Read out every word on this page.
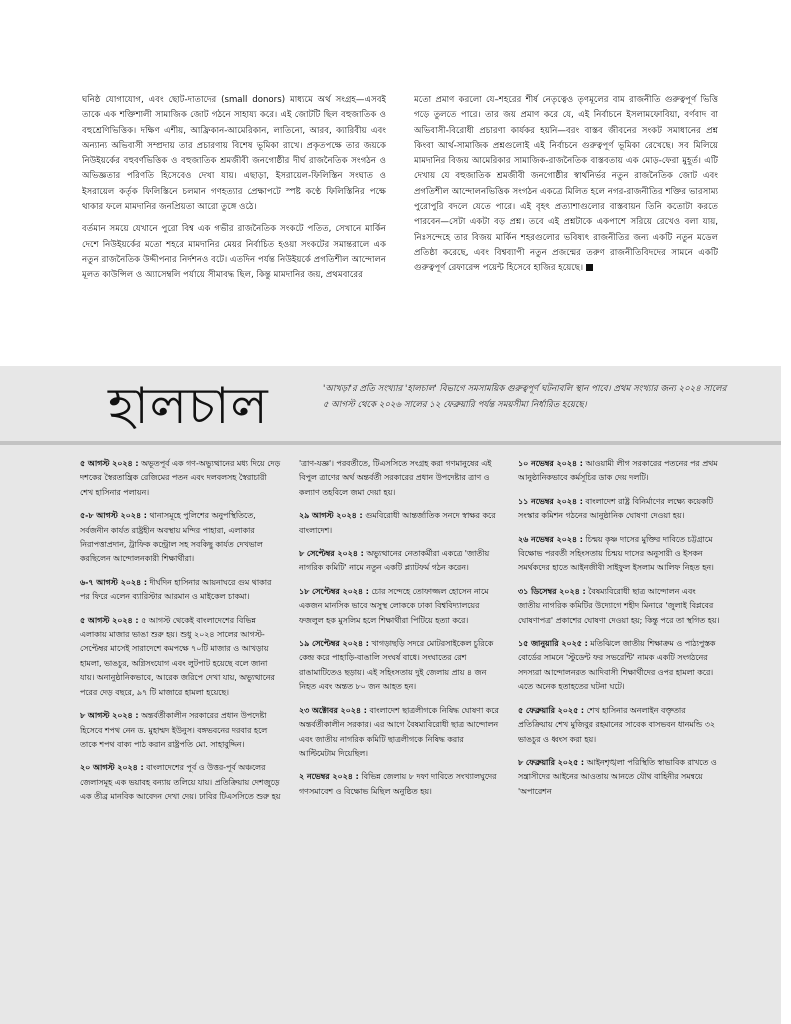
ঘনিষ্ঠ যোগাযোগ, এবং ছোট-দাতাদের (small donors) মাধ্যমে অর্থ সংগ্রহ—এসবই তাকে এক শক্তিশালী সামাজিক জোট গঠনে সাহায্য করে। এই জোটটি ছিল বহুজাতিক ও বহুশ্রেণিভিত্তিক। দক্ষিণ এশীয়, আফ্রিকান-আমেরিকান, লাতিনো, আরব, ক্যারিবীয় এবং অন্যান্য অভিবাসী সম্প্রদায় তার প্রচারণায় বিশেষ ভূমিকা রাখে। প্রকৃতপক্ষে তার জয়কে নিউইয়র্কের বহুবর্ণভিত্তিক ও বহুজাতিক শ্রমজীবী জনগোষ্ঠীর দীর্ঘ রাজনৈতিক সংগঠন ও অভিজ্ঞতার পরিণতি হিসেবেও দেখা যায়। এছাড়া, ইসরায়েল-ফিলিস্তিন সংঘাত ও ইসরায়েল কর্তৃক ফিলিস্তিনে চলমান গণহত্যার প্রেক্ষাপটে স্পষ্ট কণ্ঠে ফিলিস্তিনির পক্ষে থাকার ফলে মামদানির জনপ্রিয়তা আরো তুঙ্গে ওঠে।

বর্তমান সময়ে যেখানে পুরো বিশ্ব এক গভীর রাজনৈতিক সংকটে পতিত, সেখানে মার্কিন দেশে নিউইয়র্কের মতো শহরে মামদানির মেয়র নির্বাচিত হওয়া সংকটের সমান্তরালে এক নতুন রাজনৈতিক উদ্দীপনার নির্দশনও বটে। এতদিন পর্যন্ত নিউইয়র্কে প্রগতিশীল আন্দোলন মূলত কাউন্সিল ও অ্যাসেম্বলি পর্যায়ে সীমাবদ্ধ ছিল, কিন্তু মামদানির জয়, প্রথমবারের

মতো প্রমাণ করলো যে–শহরের শীর্ষ নেতৃত্বেও তৃণমূলের বাম রাজনীতি গুরুত্বপূর্ণ ভিত্তি গড়ে তুলতে পারে। তার জয় প্রমাণ করে যে, এই নির্বাচনে ইসলামফোবিয়া, বর্ণবাদ বা অভিবাসী-বিরোধী প্রচারণা কার্যকর হয়নি—বরং বাস্তব জীবনের সংকট সমাধানের প্রশ্ন কিংবা আর্থ-সামাজিক প্রশ্নগুলোই এই নির্বাচনে গুরুত্বপূর্ণ ভূমিকা রেখেছে। সব মিলিয়ে মামদানির বিজয় আমেরিকার সামাজিক-রাজনৈতিক বাস্তবতায় এক মোড়-ফেরা মুহূর্ত। এটি দেখায় যে বহুজাতিক শ্রমজীবী জনগোষ্ঠীর স্বার্থনির্ভর নতুন রাজনৈতিক জোট এবং প্রগতিশীল আন্দোলনভিত্তিক সংগঠন একত্রে মিলিত হলে নগর-রাজনীতির শক্তির ভারসাম্য পুরোপুরি বদলে যেতে পারে। এই বৃহৎ প্রত্যাশাগুলোর বাস্তবায়ন তিনি কতোটা করতে পারবেন—সেটা একটা বড় প্রশ্ন। তবে এই প্রশ্নটাকে একপাশে সরিয়ে রেখেও বলা যায়, নিঃসন্দেহে তার বিজয় মার্কিন শহরগুলোর ভবিষ্যৎ রাজনীতির জন্য একটি নতুন মডেল প্রতিষ্ঠা করেছে, এবং বিশ্বব্যাপী নতুন প্রজন্মের তরুণ রাজনীতিবিদদের সামনে একটি গুরুত্বপূর্ণ রেফারেন্স পয়েন্ট হিসেবে হাজির হয়েছে।

হালচাল	'আখড়া'র প্রতি সংখ্যার 'হালচাল' বিভাগে সমসাময়িক গুরুত্বপূর্ণ ঘটনাবলি স্থান পাবে। প্রথম সংখ্যার জন্য ২০২৪ সালের ৫ আগস্ট থেকে ২০২৬ সালের ১২ ফেব্রুয়ারি পর্যন্ত সময়সীমা নির্ধারিত হয়েছে।

৫ আগস্ট ২০২৪ : অভূতপূর্ব এক গণ-অভ্যুত্থানের মধ্য দিয়ে দেড় দশকের স্বৈরতান্ত্রিক রেজিমের পতন এবং দলবলসহ স্বৈরাচারী শেখ হাসিনার পলায়ন।

৫-৮ আগস্ট ২০২৪ : থানাসমূহে পুলিশের অনুপস্থিতিতে, সর্বজনীন কার্যত রাষ্ট্রহীন অবস্থায় মন্দির পাহারা, এলাকার নিরাপত্তাপ্রদান, ট্রাফিক কন্ট্রোল সহ সবকিছু কার্যত দেখভাল করছিলেন আন্দোলনকারী শিক্ষার্থীরা।

৬-৭ আগস্ট ২০২৪ : দীর্ঘদিন হাসিনার আয়নাঘরে গুম থাকার পর ফিরে এলেন ব্যারিস্টার আরমান ও মাইকেল চাকমা।

৫ আগস্ট ২০২৪ : ৫ আগস্ট থেকেই বাংলাদেশের বিভিন্ন এলাকায় মাজার ভাঙা শুরু হয়। শুধু ২০২৪ সালের আগস্ট-সেপ্টেম্বর মাসেই সারাদেশে কমপক্ষে ৭০টি মাজার ও আখড়ায় হামলা, ভাঙচুর, অগ্নিসংযোগ এবং লুটপাট হয়েছে বলে জানা যায়। অনানুষ্ঠানিকভাবে, আরেক জরিপে দেখা যায়, অভ্যুত্থানের পরের দেড় বছরে, ৯৭ টি মাজারে হামলা হয়েছে।

৮ আগস্ট ২০২৪ : অন্তর্বর্তীকালীন সরকারের প্রধান উপদেষ্টা হিসেবে শপথ নেন ড. মুহাম্মদ ইউনুস। বঙ্গভবনের দরবার হলে তাকে শপথ বাক্য পাঠ করান রাষ্ট্রপতি মো. সাহাবুদ্দিন।

২০ আগস্ট ২০২৪ : বাংলাদেশের পূর্ব ও উত্তর-পূর্ব অঞ্চলের জেলাসমূহ এক ভয়াবহ বন্যায় তলিয়ে যায়। প্রতিক্রিয়ায় দেশজুড়ে এক তীব্র মানবিক আবেদন দেখা দেয়। ঢাবির টিএসসিতে শুরু হয়

'ত্রাণ-যজ্ঞ'। পরবর্তীতে, টিএসসিতে সংগ্রহ করা গণমানুষের এই বিপুল ত্রাণের অর্থ অন্তর্বর্তী সরকারের প্রধান উপদেষ্টার ত্রাণ ও কল্যাণ তহবিলে জমা দেয়া হয়।

২৯ আগস্ট ২০২৪ : গুমবিরোধী আন্তর্জাতিক সনদে স্বাক্ষর করে বাংলাদেশ।

৮ সেপ্টেম্বর ২০২৪ : অভ্যুত্থানের নেতাকর্মীরা একত্রে 'জাতীয় নাগরিক কমিটি' নামে নতুন একটি প্ল্যাটফর্ম গঠন করেন।

১৮ সেপ্টেম্বর ২০২৪ : চোর সন্দেহে তোফাজ্জল হোসেন নামে একজন মানসিক ভাবে অসুস্থ লোককে ঢাকা বিশ্ববিদ্যালয়ের ফজলুল হক মুসলিম হলে শিক্ষার্থীরা পিটিয়ে হত্যা করে।

১৯ সেপ্টেম্বর ২০২৪ : খাগড়াছড়ি সদরে মোটরসাইকেল চুরিকে কেন্দ্র করে পাহাড়ি-বাঙালি সংঘর্ষ বাধে। সংঘাতের রেশ রাঙামাটিতেও ছড়ায়। এই সহিংসতায় দুই জেলায় প্রায় ৪ জন নিহত এবং অন্তত ৮০ জন আহত হন।

২৩ অক্টোবর ২০২৪ : বাংলাদেশ ছাত্রলীগকে নিষিদ্ধ ঘোষণা করে অন্তর্বর্তীকালীন সরকার। এর আগে বৈষম্যবিরোধী ছাত্র আন্দোলন এবং জাতীয় নাগরিক কমিটি ছাত্রলীগকে নিষিদ্ধ করার আল্টিমেটাম দিয়েছিল।

২ নভেম্বর ২০২৪ : বিভিন্ন জেলায় ৮ দফা দাবিতে সংখ্যালঘুদের গণসমাবেশ ও বিক্ষোভ মিছিল অনুষ্ঠিত হয়।

১০ নভেম্বর ২০২৪ : আওয়ামী লীগ সরকারের পতনের পর প্রথম আনুষ্ঠানিকভাবে কর্মসূচির ডাক দেয় দলটি।

১১ নভেম্বর ২০২৪ : বাংলাদেশ রাষ্ট্র বিনির্মাণের লক্ষ্যে কয়েকটি সংস্কার কমিশন গঠনের আনুষ্ঠানিক ঘোষণা দেওয়া হয়।

২৬ নভেম্বর ২০২৪ : চিন্ময় কৃষ্ণ দাসের মুক্তির দাবিতে চট্টগ্রামে বিক্ষোভ পরবর্তী সহিংসতায় চিন্ময় দাসের অনুসারী ও ইসকন সমর্থকদের হাতে আইনজীবী সাইফুল ইসলাম আলিফ নিহত হন।

৩১ ডিসেম্বর ২০২৪ : বৈষম্যবিরোধী ছাত্র আন্দোলন এবং জাতীয় নাগরিক কমিটির উদ্যোগে শহীদ মিনারে 'জুলাই বিপ্লবের ঘোষণাপত্র' প্রকাশের ঘোষণা দেওয়া হয়; কিন্তু পরে তা স্থগিত হয়।

১৫ জানুয়ারি ২০২৫ : মতিঝিলে জাতীয় শিক্ষাক্রম ও পাঠ্যপুস্তক বোর্ডের সামনে 'স্টুডেন্ট ফর সভরেন্টি' নামক একটি সংগঠনের সদস্যরা আন্দোলনরত আদিবাসী শিক্ষার্থীদের ওপর হামলা করে। এতে অনেক হতাহতের ঘটনা ঘটে।

৫ ফেব্রুয়ারি ২০২৫ : শেখ হাসিনার অনলাইন বক্তৃতার প্রতিক্রিয়ায় শেখ মুজিবুর রহমানের সাবেক বাসভবন ধানমন্ডি ৩২ ভাঙচুর ও ধ্বংস করা হয়।

৮ ফেব্রুয়ারি ২০২৫ : আইনশৃঙ্খলা পরিস্থিতি স্বাভাবিক রাখতে ও সন্ত্রাসীদের আইনের আওতায় আনতে যৌথ বাহিনীর সমন্বয়ে 'অপারেশন
